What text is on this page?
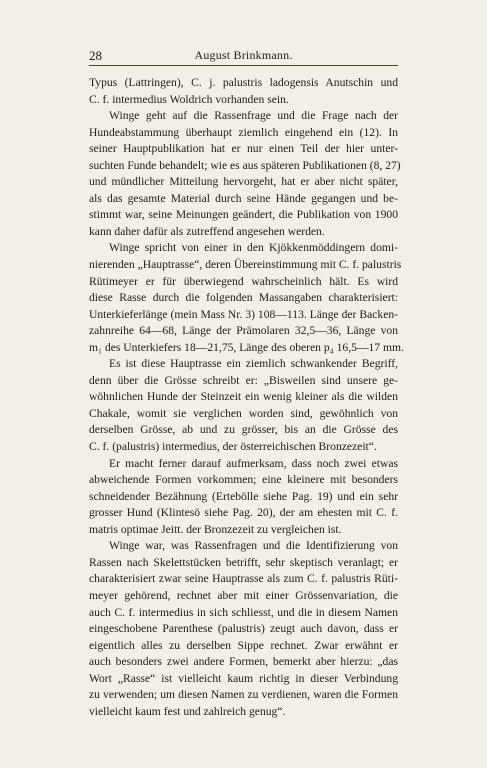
28	August Brinkmann.
Typus (Lattringen), C. j. palustris ladogensis Anutschin und
C. f. intermedius Woldrich vorhanden sein.
Winge geht auf die Rassenfrage und die Frage nach der
Hundeabstammung überhaupt ziemlich eingehend ein (12). In
seiner Hauptpublikation hat er nur einen Teil der hier unter-
suchten Funde behandelt; wie es aus späteren Publikationen (8, 27)
und mündlicher Mitteilung hervorgeht, hat er aber nicht später,
als das gesamte Material durch seine Hände gegangen und be-
stimmt war, seine Meinungen geändert, die Publikation von 1900
kann daher dafür als zutreffend angesehen werden.
Winge spricht von einer in den Kjökkenmöddingern domi-
nierenden „Hauptrasse“, deren Übereinstimmung mit C. f. palustris
Rütimeyer er für überwiegend wahrscheinlich hält. Es wird
diese Rasse durch die folgenden Massangaben charakterisiert:
Unterkieferlänge (mein Mass Nr. 3) 108—113. Länge der Backen-
zahnreihe 64—68, Länge der Prämolaren 32,5—36, Länge von
m₁ des Unterkiefers 18—21,75, Länge des oberen p₄ 16,5—17 mm.
Es ist diese Hauptrasse ein ziemlich schwankender Begriff,
denn über die Grösse schreibt er: „Bisweilen sind unsere ge-
wöhnlichen Hunde der Steinzeit ein wenig kleiner als die wilden
Chakale, womit sie verglichen worden sind, gewöhnlich von
derselben Grösse, ab und zu grösser, bis an die Grösse des
C. f. (palustris) intermedius, der österreichischen Bronzezeit“.
Er macht ferner darauf aufmerksam, dass noch zwei etwas
abweichende Formen vorkommen; eine kleinere mit besonders
schneidender Bezähnung (Ertebölle siehe Pag. 19) und ein sehr
grosser Hund (Klintesö siehe Pag. 20), der am ehesten mit C. f.
matris optimae Jeitt. der Bronzezeit zu vergleichen ist.
Winge war, was Rassenfragen und die Identifizierung von
Rassen nach Skelettstücken betrifft, sehr skeptisch veranlagt; er
charakterisiert zwar seine Hauptrasse als zum C. f. palustris Rüti-
meyer gehörend, rechnet aber mit einer Grössenvariation, die
auch C. f. intermedius in sich schliesst, und die in diesem Namen
eingeschobene Parenthese (palustris) zeugt auch davon, dass er
eigentlich alles zu derselben Sippe rechnet. Zwar erwähnt er
auch besonders zwei andere Formen, bemerkt aber hierzu: „das
Wort „Rasse“ ist vielleicht kaum richtig in dieser Verbindung
zu verwenden; um diesen Namen zu verdienen, waren die Formen
vielleicht kaum fest und zahlreich genug“.
